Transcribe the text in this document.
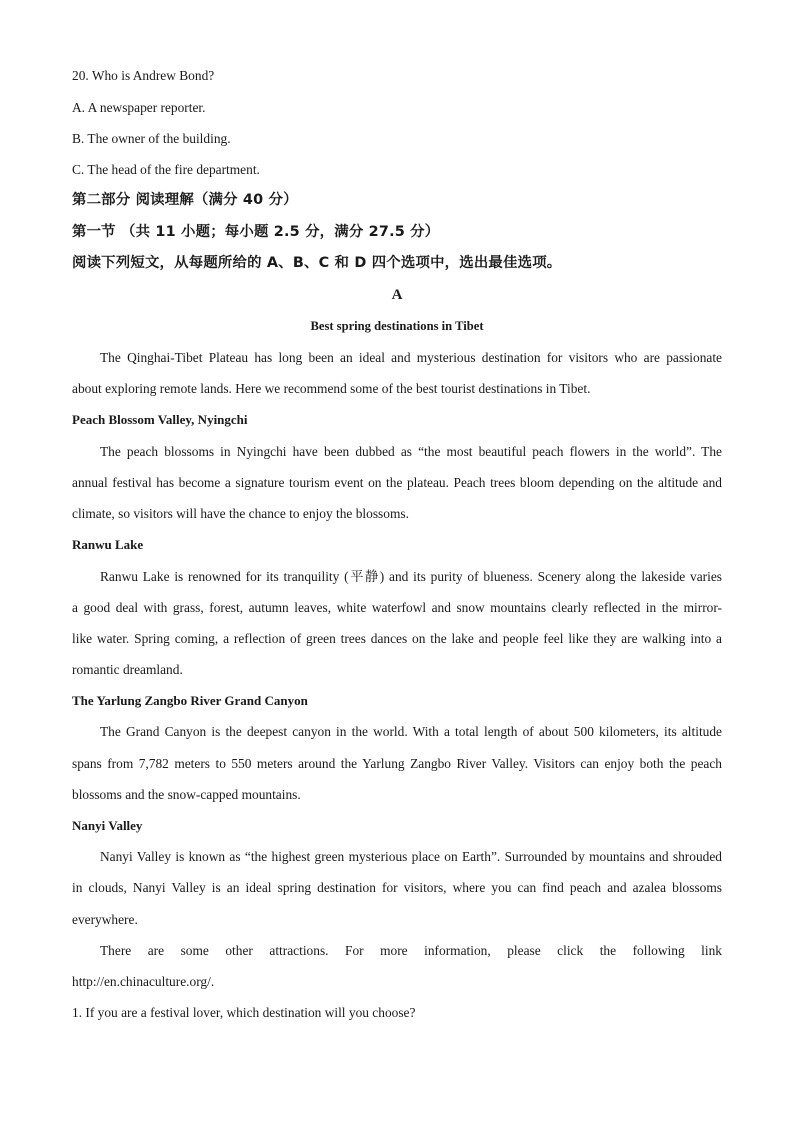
20. Who is Andrew Bond?
A. A newspaper reporter.
B. The owner of the building.
C. The head of the fire department.
第二部分 阅读理解（满分 40 分）
第一节 （共 11 小题；每小题 2.5 分，满分 27.5 分）
阅读下列短文，从每题所给的 A、B、C 和 D 四个选项中，选出最佳选项。
A
Best spring destinations in Tibet
The Qinghai-Tibet Plateau has long been an ideal and mysterious destination for visitors who are passionate
about exploring remote lands. Here we recommend some of the best tourist destinations in Tibet.
Peach Blossom Valley, Nyingchi
The peach blossoms in Nyingchi have been dubbed as “the most beautiful peach flowers in the world”. The
annual festival has become a signature tourism event on the plateau. Peach trees bloom depending on the altitude and
climate, so visitors will have the chance to enjoy the blossoms.
Ranwu Lake
Ranwu Lake is renowned for its tranquility (平静) and its purity of blueness. Scenery along the lakeside varies
a good deal with grass, forest, autumn leaves, white waterfowl and snow mountains clearly reflected in the mirror-
like water. Spring coming, a reflection of green trees dances on the lake and people feel like they are walking into a
romantic dreamland.
The Yarlung Zangbo River Grand Canyon
The Grand Canyon is the deepest canyon in the world. With a total length of about 500 kilometers, its altitude
spans from 7,782 meters to 550 meters around the Yarlung Zangbo River Valley. Visitors can enjoy both the peach
blossoms and the snow-capped mountains.
Nanyi Valley
Nanyi Valley is known as “the highest green mysterious place on Earth”. Surrounded by mountains and shrouded
in clouds, Nanyi Valley is an ideal spring destination for visitors, where you can find peach and azalea blossoms
everywhere.
There are some other attractions. For more information, please click the following link
http://en.chinaculture.org/.
1. If you are a festival lover, which destination will you choose?
